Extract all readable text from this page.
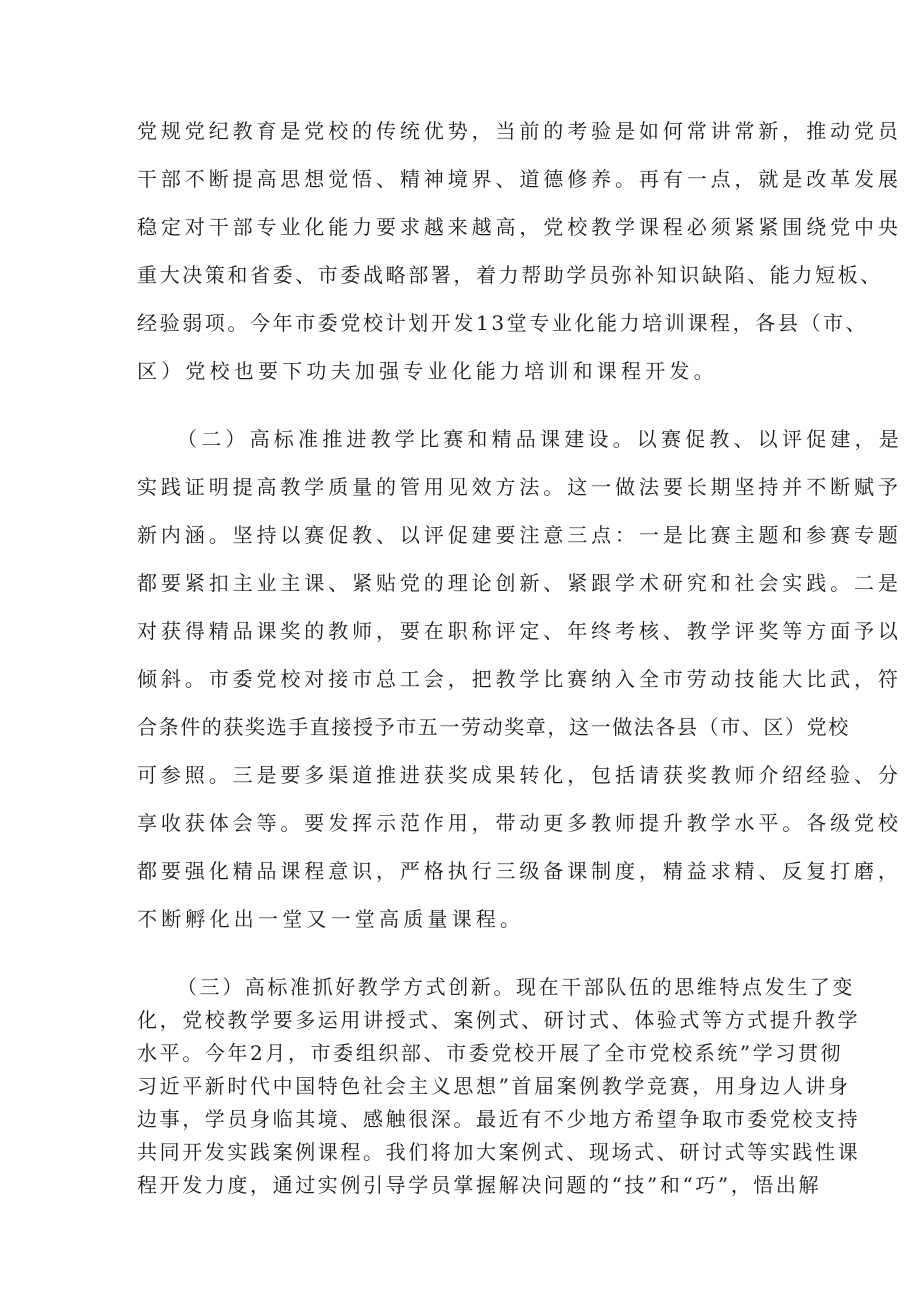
党规党纪教育是党校的传统优势，当前的考验是如何常讲常新，推动党员

干部不断提高思想觉悟、精神境界、道德修养。再有一点，就是改革发展

稳定对干部专业化能力要求越来越高，党校教学课程必须紧紧围绕党中央

重大决策和省委、市委战略部署，着力帮助学员弥补知识缺陷、能力短板、

经验弱项。今年市委党校计划开发13堂专业化能力培训课程，各县（市、

区）党校也要下功夫加强专业化能力培训和课程开发。

（二）高标准推进教学比赛和精品课建设。以赛促教、以评促建，是

实践证明提高教学质量的管用见效方法。这一做法要长期坚持并不断赋予

新内涵。坚持以赛促教、以评促建要注意三点：一是比赛主题和参赛专题

都要紧扣主业主课、紧贴党的理论创新、紧跟学术研究和社会实践。二是

对获得精品课奖的教师，要在职称评定、年终考核、教学评奖等方面予以

倾斜。市委党校对接市总工会，把教学比赛纳入全市劳动技能大比武，符

合条件的获奖选手直接授予市五一劳动奖章，这一做法各县（市、区）党校

可参照。三是要多渠道推进获奖成果转化，包括请获奖教师介绍经验、分

享收获体会等。要发挥示范作用，带动更多教师提升教学水平。各级党校

都要强化精品课程意识，严格执行三级备课制度，精益求精、反复打磨，

不断孵化出一堂又一堂高质量课程。

（三）高标准抓好教学方式创新。现在干部队伍的思维特点发生了变

化，党校教学要多运用讲授式、案例式、研讨式、体验式等方式提升教学

水平。今年2月，市委组织部、市委党校开展了全市党校系统”学习贯彻

习近平新时代中国特色社会主义思想”首届案例教学竞赛，用身边人讲身

边事，学员身临其境、感触很深。最近有不少地方希望争取市委党校支持

共同开发实践案例课程。我们将加大案例式、现场式、研讨式等实践性课

程开发力度，通过实例引导学员掌握解决问题的“技”和“巧”，悟出解
